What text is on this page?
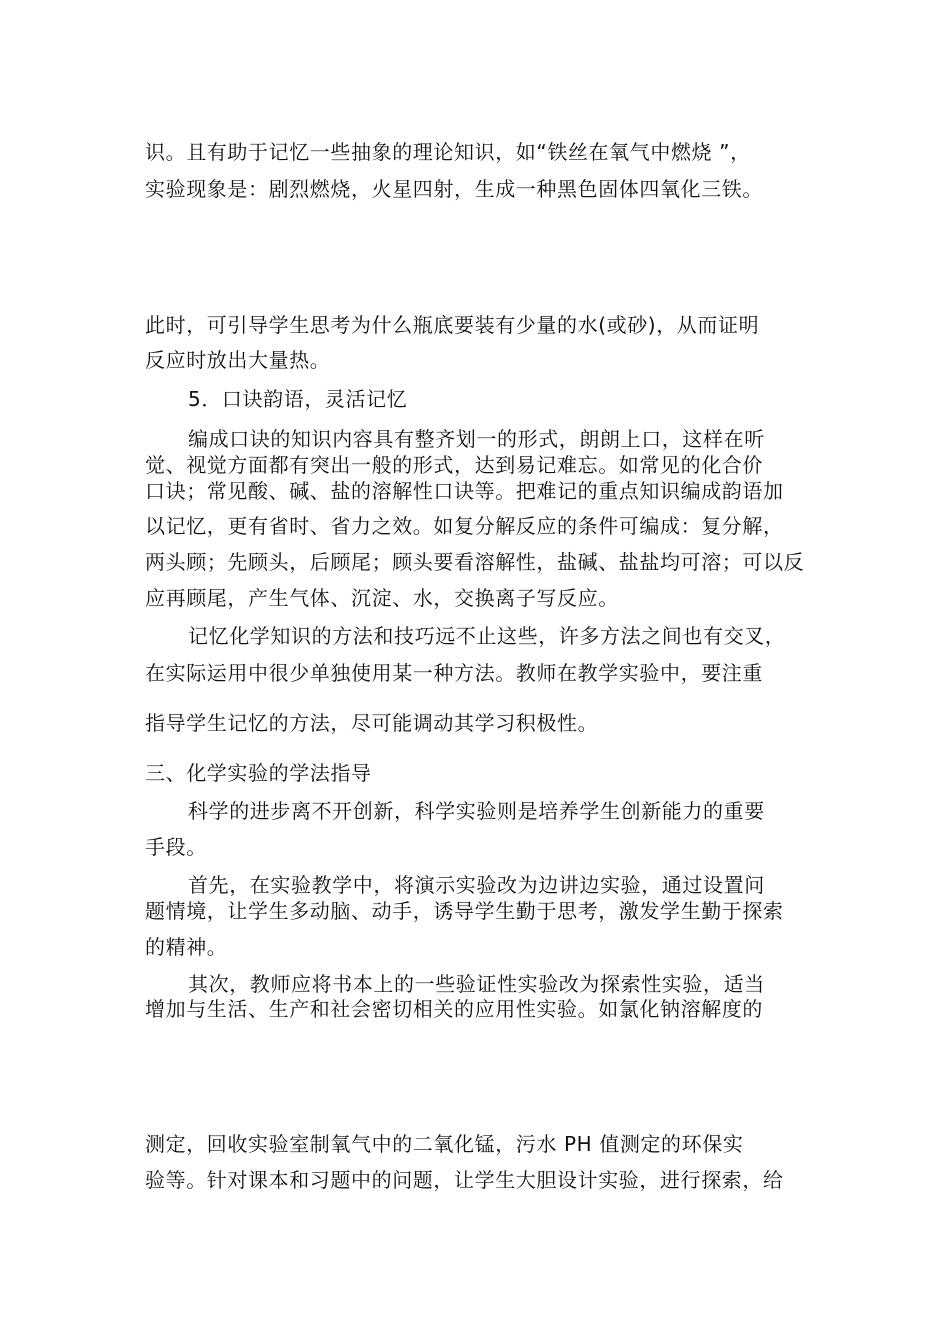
识。且有助于记忆一些抽象的理论知识，如“铁丝在氧气中燃烧 ”，
实验现象是：剧烈燃烧，火星四射，生成一种黑色固体四氧化三铁。
此时，可引导学生思考为什么瓶底要装有少量的水(或砂)，从而证明
反应时放出大量热。
5．口诀韵语，灵活记忆
编成口诀的知识内容具有整齐划一的形式，朗朗上口，这样在听
觉、视觉方面都有突出一般的形式，达到易记难忘。如常见的化合价
口诀；常见酸、碱、盐的溶解性口诀等。把难记的重点知识编成韵语加
以记忆，更有省时、省力之效。如复分解反应的条件可编成：复分解，
两头顾；先顾头，后顾尾；顾头要看溶解性，盐碱、盐盐均可溶；可以反
应再顾尾，产生气体、沉淀、水，交换离子写反应。
记忆化学知识的方法和技巧远不止这些，许多方法之间也有交叉，
在实际运用中很少单独使用某一种方法。教师在教学实验中，要注重
指导学生记忆的方法，尽可能调动其学习积极性。
三、化学实验的学法指导
科学的进步离不开创新，科学实验则是培养学生创新能力的重要
手段。
首先，在实验教学中，将演示实验改为边讲边实验，通过设置问
题情境，让学生多动脑、动手，诱导学生勤于思考，激发学生勤于探索
的精神。
其次，教师应将书本上的一些验证性实验改为探索性实验，适当
增加与生活、生产和社会密切相关的应用性实验。如氯化钠溶解度的
测定，回收实验室制氧气中的二氧化锰，污水 PH 值测定的环保实
验等。针对课本和习题中的问题，让学生大胆设计实验，进行探索，给
